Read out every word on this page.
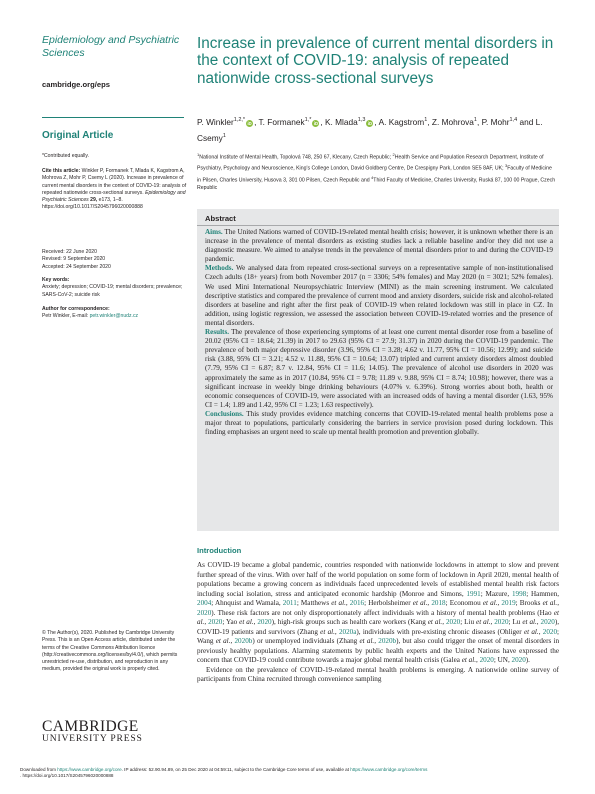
Epidemiology and Psychiatric Sciences
cambridge.org/eps
Original Article
*Contributed equally.
Cite this article: Winkler P, Formanek T, Mlada K, Kagstrom A, Mohrova Z, Mohr P, Csemy L (2020). Increase in prevalence of current mental disorders in the context of COVID-19: analysis of repeated nationwide cross-sectional surveys. Epidemiology and Psychiatric Sciences 29, e173, 1–8. https://doi.org/10.1017/S2045796020000888
Received: 22 June 2020
Revised: 9 September 2020
Accepted: 24 September 2020
Key words:
Anxiety; depression; COVID-19; mental disorders; prevalence; SARS-CoV-2; suicide risk
Author for correspondence:
Petr Winkler, E-mail: petr.winkler@nudz.cz
© The Author(s), 2020. Published by Cambridge University Press. This is an Open Access article, distributed under the terms of the Creative Commons Attribution licence (http://creativecommons.org/licenses/by/4.0/), which permits unrestricted re-use, distribution, and reproduction in any medium, provided the original work is properly cited.
CAMBRIDGE
UNIVERSITY PRESS
Increase in prevalence of current mental disorders in the context of COVID-19: analysis of repeated nationwide cross-sectional surveys
P. Winkler$^{1,2,*}$iD , T. Formanek$^{1,*}$iD , K. Mlada$^{1,3}$iD , A. Kagstrom$^1$, Z. Mohrova$^1$, P. Mohr$^{1,4}$ and L. Csemy$^1$
$^1$National Institute of Mental Health, Topolová 748, 250 67, Klecany, Czech Republic; $^2$Health Service and Population Research Department, Institute of Psychiatry, Psychology and Neuroscience, King's College London, David Goldberg Centre, De Crespigny Park, London SE5 8AF, UK; $^3$Faculty of Medicine in Pilsen, Charles University, Husova 3, 301 00 Pilsen, Czech Republic and $^4$Third Faculty of Medicine, Charles University, Ruská 87, 100 00 Prague, Czech Republic
Abstract

Aims. The United Nations warned of COVID-19-related mental health crisis; however, it is unknown whether there is an increase in the prevalence of mental disorders as existing studies lack a reliable baseline and/or they did not use a diagnostic measure. We aimed to analyse trends in the prevalence of mental disorders prior to and during the COVID-19 pandemic.

Methods. We analysed data from repeated cross-sectional surveys on a representative sample of non-institutionalised Czech adults (18+ years) from both November 2017 (n = 3306; 54% females) and May 2020 (n = 3021; 52% females). We used Mini International Neuropsychiatric Interview (MINI) as the main screening instrument. We calculated descriptive statistics and compared the prevalence of current mood and anxiety disorders, suicide risk and alcohol-related disorders at baseline and right after the first peak of COVID-19 when related lockdown was still in place in CZ. In addition, using logistic regression, we assessed the association between COVID-19-related worries and the presence of mental disorders.

Results. The prevalence of those experiencing symptoms of at least one current mental disorder rose from a baseline of 20.02 (95% CI = 18.64; 21.39) in 2017 to 29.63 (95% CI = 27.9; 31.37) in 2020 during the COVID-19 pandemic. The prevalence of both major depressive disorder (3.96, 95% CI = 3.28; 4.62 v. 11.77, 95% CI = 10.56; 12.99); and suicide risk (3.88, 95% CI = 3.21; 4.52 v. 11.88, 95% CI = 10.64; 13.07) tripled and current anxiety disorders almost doubled (7.79, 95% CI = 6.87; 8.7 v. 12.84, 95% CI = 11.6; 14.05). The prevalence of alcohol use disorders in 2020 was approximately the same as in 2017 (10.84, 95% CI = 9.78; 11.89 v. 9.88, 95% CI = 8.74; 10.98); however, there was a significant increase in weekly binge drinking behaviours (4.07% v. 6.39%). Strong worries about both, health or economic consequences of COVID-19, were associated with an increased odds of having a mental disorder (1.63, 95% CI = 1.4; 1.89 and 1.42, 95% CI = 1.23; 1.63 respectively).

Conclusions. This study provides evidence matching concerns that COVID-19-related mental health problems pose a major threat to populations, particularly considering the barriers in service provision posed during lockdown. This finding emphasises an urgent need to scale up mental health promotion and prevention globally.

Introduction

As COVID-19 became a global pandemic, countries responded with nationwide lockdowns in attempt to slow and prevent further spread of the virus. With over half of the world population on some form of lockdown in April 2020, mental health of populations became a growing concern as individuals faced unprecedented levels of established mental health risk factors including social isolation, stress and anticipated economic hardship (Monroe and Simons, 1991; Mazure, 1998; Hammen, 2004; Ahnquist and Wamala, 2011; Matthews et al., 2016; Herbolsheimer et al., 2018; Economou et al., 2019; Brooks et al., 2020). These risk factors are not only disproportionately affect individuals with a history of mental health problems (Hao et al., 2020; Yao et al., 2020), high-risk groups such as health care workers (Kang et al., 2020; Liu et al., 2020; Lu et al., 2020), COVID-19 patients and survivors (Zhang et al., 2020a), individuals with pre-existing chronic diseases (Ohliger et al., 2020; Wang et al., 2020b) or unemployed individuals (Zhang et al., 2020b), but also could trigger the onset of mental disorders in previously healthy populations. Alarming statements by public health experts and the United Nations have expressed the concern that COVID-19 could contribute towards a major global mental health crisis (Galea et al., 2020; UN, 2020).

Evidence on the prevalence of COVID-19-related mental health problems is emerging. A nationwide online survey of participants from China recruited through convenience sampling

Downloaded from https://www.cambridge.org/core. IP address: 52.90.94.89, on 25 Dec 2020 at 04:59:11, subject to the Cambridge Core terms of use, available at https://www.cambridge.org/core/terms
. https://doi.org/10.1017/S2045796020000888
